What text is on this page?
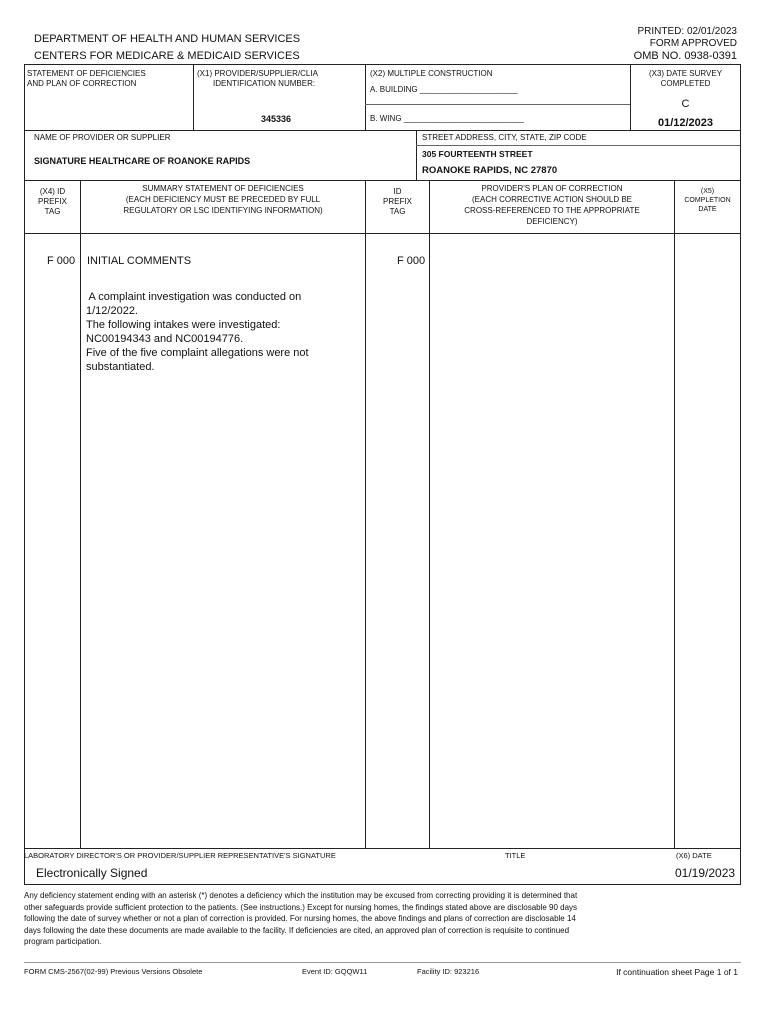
DEPARTMENT OF HEALTH AND HUMAN SERVICES
CENTERS FOR MEDICARE & MEDICAID SERVICES
PRINTED: 02/01/2023
FORM APPROVED
OMB NO. 0938-0391
STATEMENT OF DEFICIENCIES
AND PLAN OF CORRECTION
(X1) PROVIDER/SUPPLIER/CLIA
IDENTIFICATION NUMBER:
345336
(X2) MULTIPLE CONSTRUCTION
A. BUILDING ______________________
B. WING ___________________________
(X3) DATE SURVEY
COMPLETED
C
01/12/2023
NAME OF PROVIDER OR SUPPLIER
SIGNATURE HEALTHCARE OF ROANOKE RAPIDS
STREET ADDRESS, CITY, STATE, ZIP CODE
305 FOURTEENTH STREET
ROANOKE RAPIDS, NC 27870
(X4) ID
PREFIX
TAG
SUMMARY STATEMENT OF DEFICIENCIES
(EACH DEFICIENCY MUST BE PRECEDED BY FULL
REGULATORY OR LSC IDENTIFYING INFORMATION)
ID
PREFIX
TAG
PROVIDER'S PLAN OF CORRECTION
(EACH CORRECTIVE ACTION SHOULD BE
CROSS-REFERENCED TO THE APPROPRIATE
DEFICIENCY)
(X5)
COMPLETION
DATE
F 000 INITIAL COMMENTS	F 000
A complaint investigation was conducted on
1/12/2022.
The following intakes were investigated:
NC00194343 and NC00194776.
Five of the five complaint allegations were not
substantiated.
LABORATORY DIRECTOR'S OR PROVIDER/SUPPLIER REPRESENTATIVE'S SIGNATURE	TITLE	(X6) DATE
Electronically Signed	01/19/2023
Any deficiency statement ending with an asterisk (*) denotes a deficiency which the institution may be excused from correcting providing it is determined that
other safeguards provide sufficient protection to the patients. (See instructions.) Except for nursing homes, the findings stated above are disclosable 90 days
following the date of survey whether or not a plan of correction is provided. For nursing homes, the above findings and plans of correction are disclosable 14
days following the date these documents are made available to the facility. If deficiencies are cited, an approved plan of correction is requisite to continued
program participation.
FORM CMS-2567(02-99) Previous Versions Obsolete	Event ID: GQQW11	Facility ID: 923216	If continuation sheet Page 1 of 1
